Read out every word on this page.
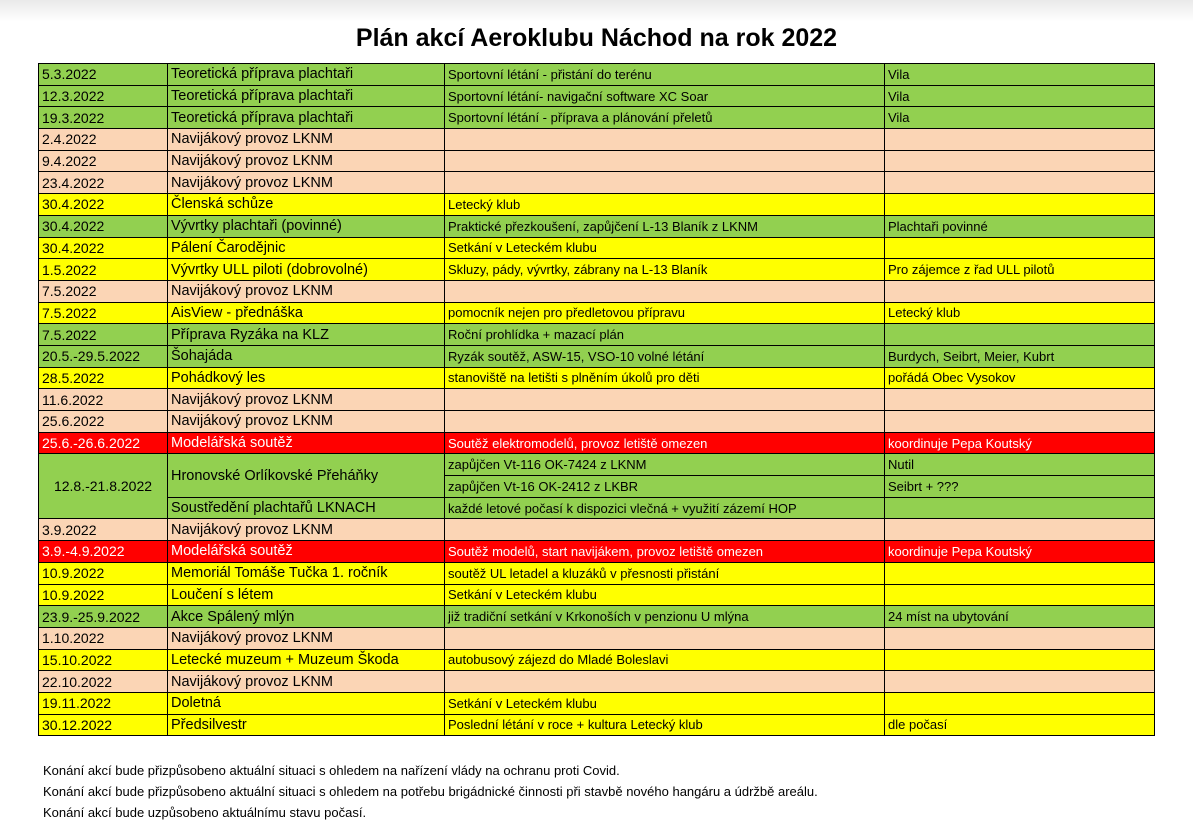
Plán akcí Aeroklubu Náchod na rok 2022
5.3.2022	Teoretická příprava plachtaři	Sportovní létání - přistání do terénu	Vila
12.3.2022	Teoretická příprava plachtaři	Sportovní létání- navigační software XC Soar	Vila
19.3.2022	Teoretická příprava plachtaři	Sportovní létání - příprava a plánování přeletů	Vila
2.4.2022	Navijákový provoz LKNM		
9.4.2022	Navijákový provoz LKNM		
23.4.2022	Navijákový provoz LKNM		
30.4.2022	Členská schůze	Letecký klub	
30.4.2022	Vývrtky plachtaři (povinné)	Praktické přezkoušení, zapůjčení L-13 Blaník z LKNM	Plachtaři povinné
30.4.2022	Pálení Čarodějnic	Setkání v Leteckém klubu	
1.5.2022	Vývrtky ULL piloti (dobrovolné)	Skluzy, pády, vývrtky, zábrany na L-13 Blaník	Pro zájemce z řad ULL pilotů
7.5.2022	Navijákový provoz LKNM		
7.5.2022	AisView - přednáška	pomocník nejen pro předletovou přípravu	Letecký klub
7.5.2022	Příprava Ryzáka na KLZ	Roční prohlídka + mazací plán	
20.5.-29.5.2022	Šohajáda	Ryzák soutěž, ASW-15, VSO-10 volné létání	Burdych, Seibrt, Meier, Kubrt
28.5.2022	Pohádkový les	stanoviště na letišti s plněním úkolů pro děti	pořádá Obec Vysokov
11.6.2022	Navijákový provoz LKNM		
25.6.2022	Navijákový provoz LKNM		
25.6.-26.6.2022	Modelářská soutěž	Soutěž elektromodelů, provoz letiště omezen	koordinuje Pepa Koutský
12.8.-21.8.2022	Hronovské Orlíkovské Přeháňky	zapůjčen Vt-116 OK-7424 z LKNM	Nutil
		zapůjčen Vt-16 OK-2412 z LKBR	Seibrt + ???
	Soustředění plachtařů LKNACH	každé letové počasí k dispozici vlečná + využití zázemí HOP	
3.9.2022	Navijákový provoz LKNM		
3.9.-4.9.2022	Modelářská soutěž	Soutěž modelů, start navijákem, provoz letiště omezen	koordinuje Pepa Koutský
10.9.2022	Memoriál Tomáše Tučka 1. ročník	soutěž UL letadel a kluzáků v přesnosti přistání	
10.9.2022	Loučení s létem	Setkání v Leteckém klubu	
23.9.-25.9.2022	Akce Spálený mlýn	již tradiční setkání v Krkonoších v penzionu U mlýna	24 míst na ubytování
1.10.2022	Navijákový provoz LKNM		
15.10.2022	Letecké muzeum + Muzeum Škoda	autobusový zájezd do Mladé Boleslavi	
22.10.2022	Navijákový provoz LKNM		
19.11.2022	Doletná	Setkání v Leteckém klubu	
30.12.2022	Předsilvestr	Poslední létání v roce + kultura Letecký klub	dle počasí
Konání akcí bude přizpůsobeno aktuální situaci s ohledem na nařízení vlády na ochranu proti Covid.
Konání akcí bude přizpůsobeno aktuální situaci s ohledem na potřebu brigádnické činnosti při stavbě nového hangáru a údržbě areálu.
Konání akcí bude uzpůsobeno aktuálnímu stavu počasí.
